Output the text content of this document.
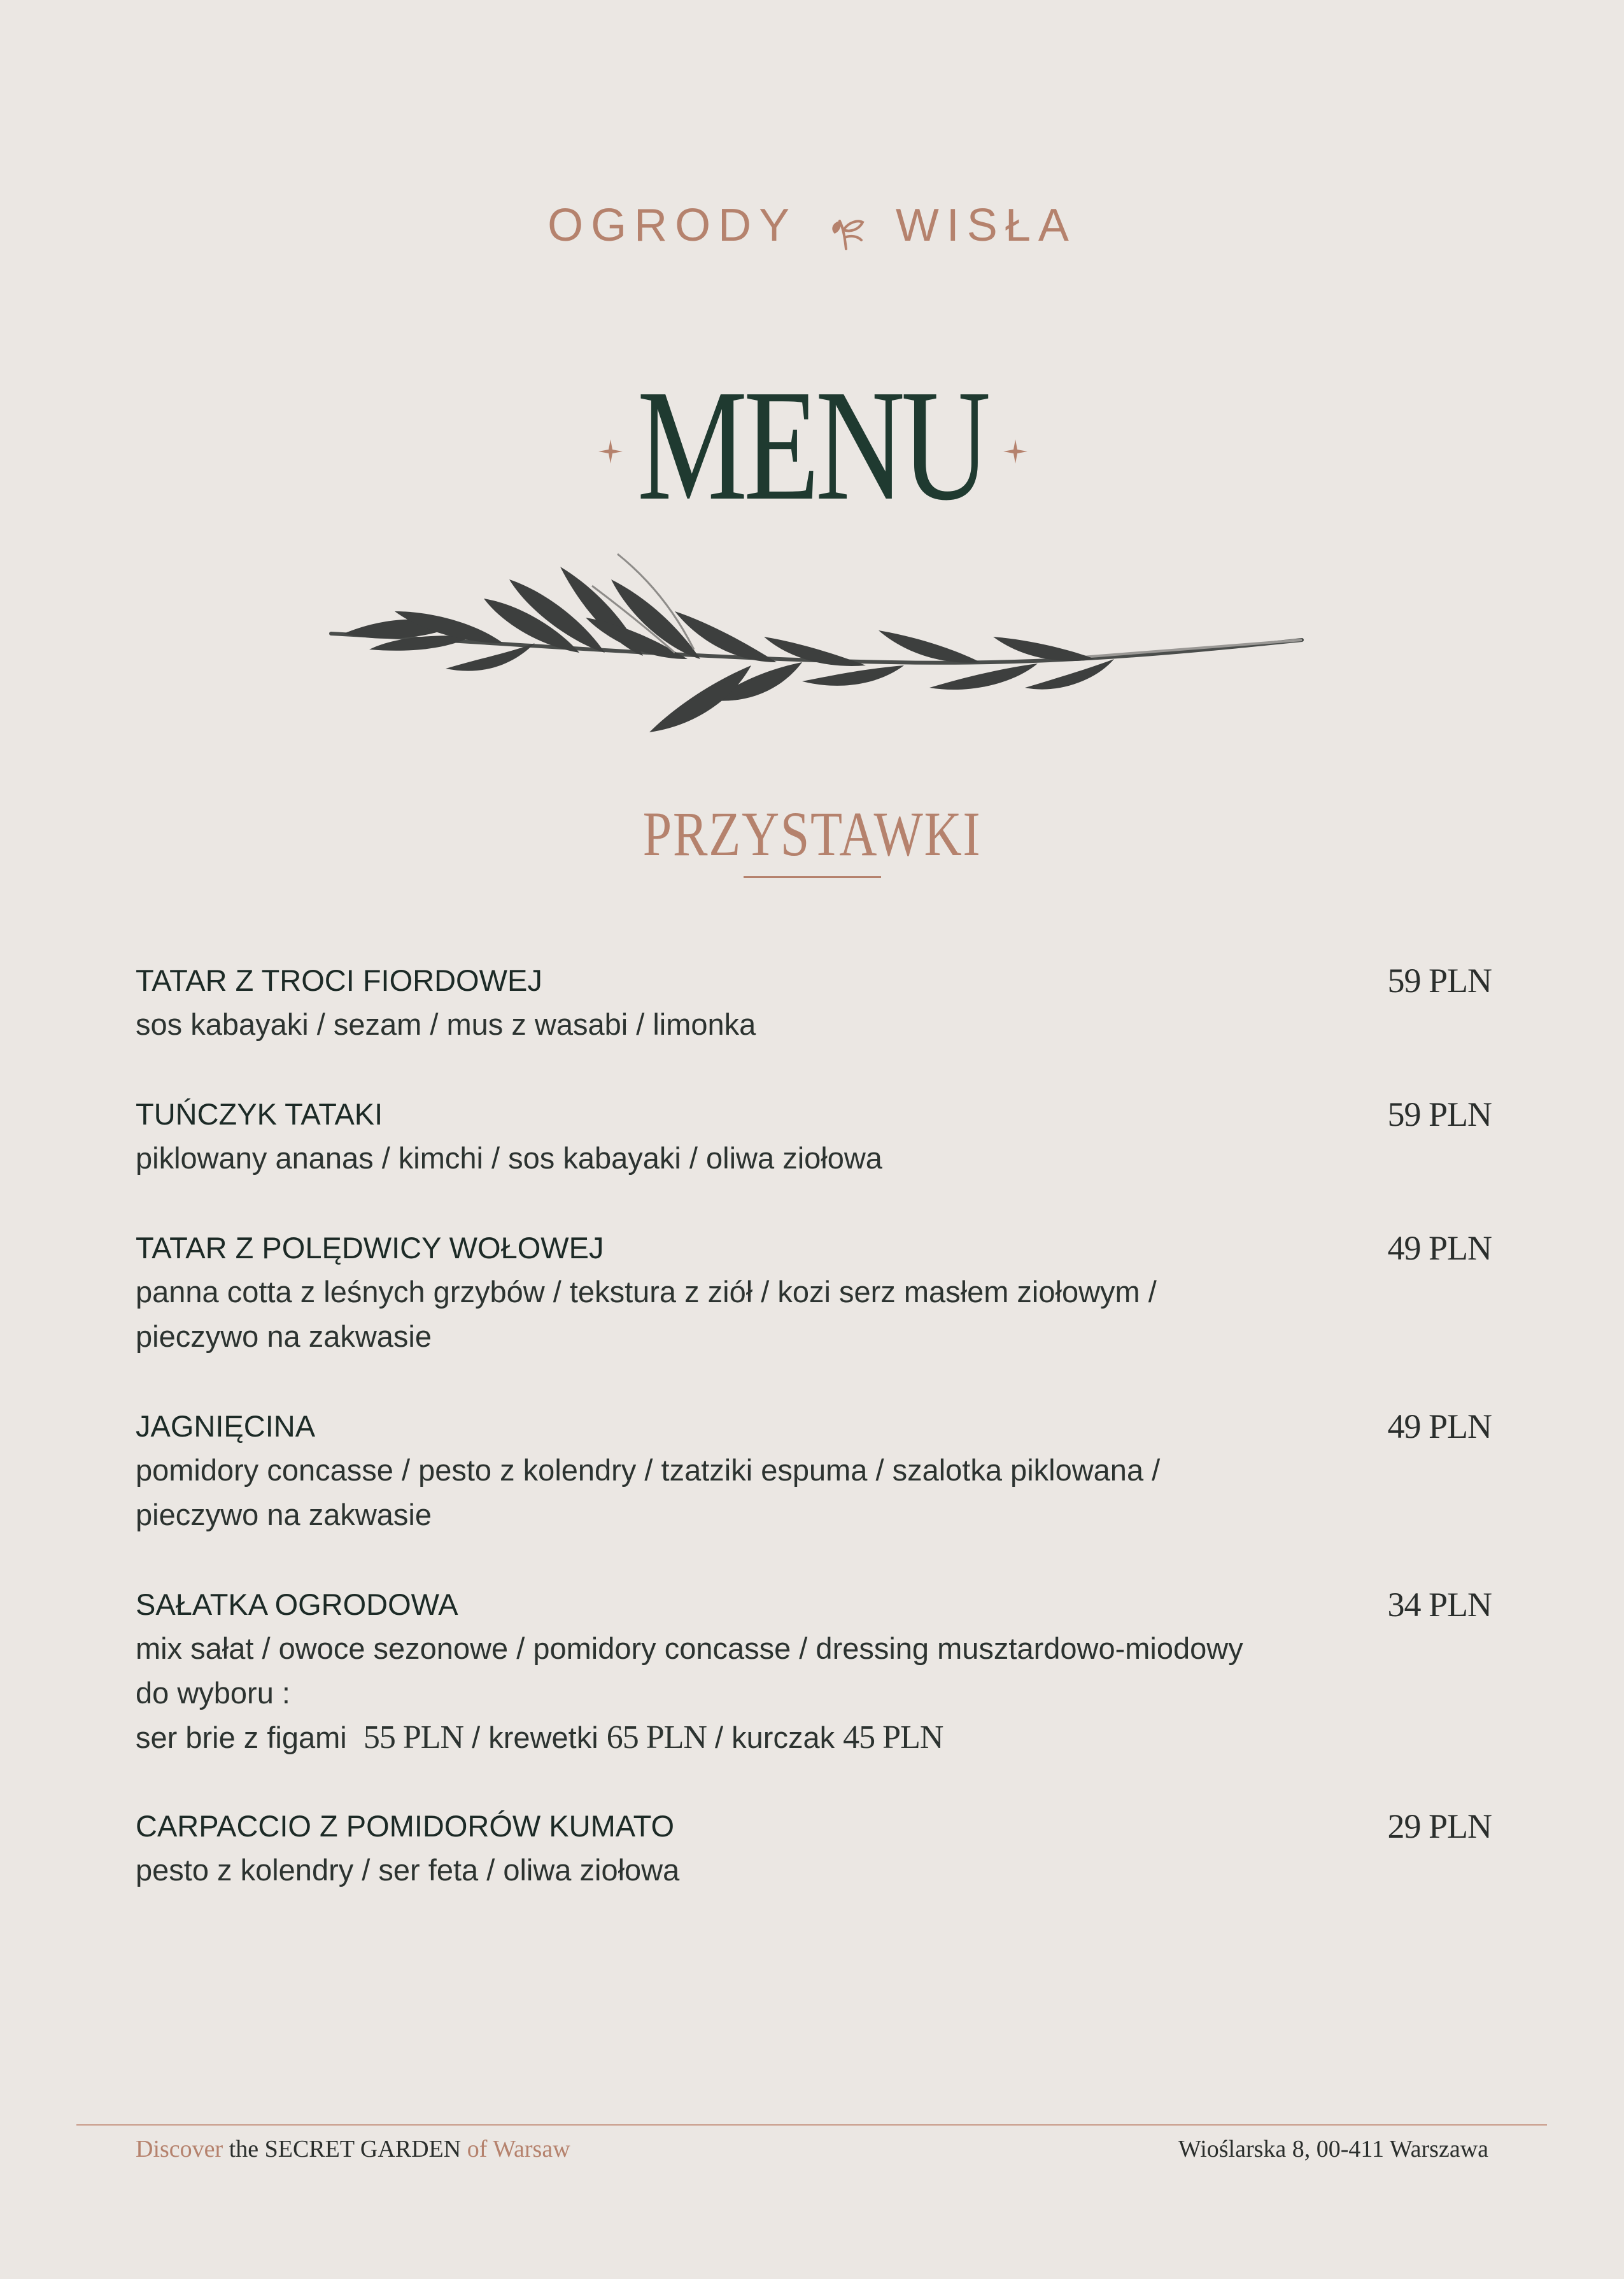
OGRODY WISŁA
MENU
PRZYSTAWKI

TATAR Z TROCI FIORDOWEJ	59 PLN

sos kabayaki / sezam / mus z wasabi / limonka

TUŃCZYK TATAKI	59 PLN

piklowany ananas / kimchi / sos kabayaki / oliwa ziołowa

TATAR Z POLĘDWICY WOŁOWEJ	49 PLN

panna cotta z leśnych grzybów / tekstura z ziół / kozi serz masłem ziołowym /

pieczywo na zakwasie

JAGNIĘCINA	49 PLN

pomidory concasse / pesto z kolendry / tzatziki espuma / szalotka piklowana /

pieczywo na zakwasie

SAŁATKA OGRODOWA	34 PLN

mix sałat / owoce sezonowe / pomidory concasse / dressing musztardowo-miodowy

do wyboru :

ser brie z figami 55 PLN / krewetki 65 PLN / kurczak 45 PLN

CARPACCIO Z POMIDORÓW KUMATO	29 PLN

pesto z kolendry / ser feta / oliwa ziołowa

Discover the SECRET GARDEN of Warsaw	Wioślarska 8, 00-411 Warszawa
